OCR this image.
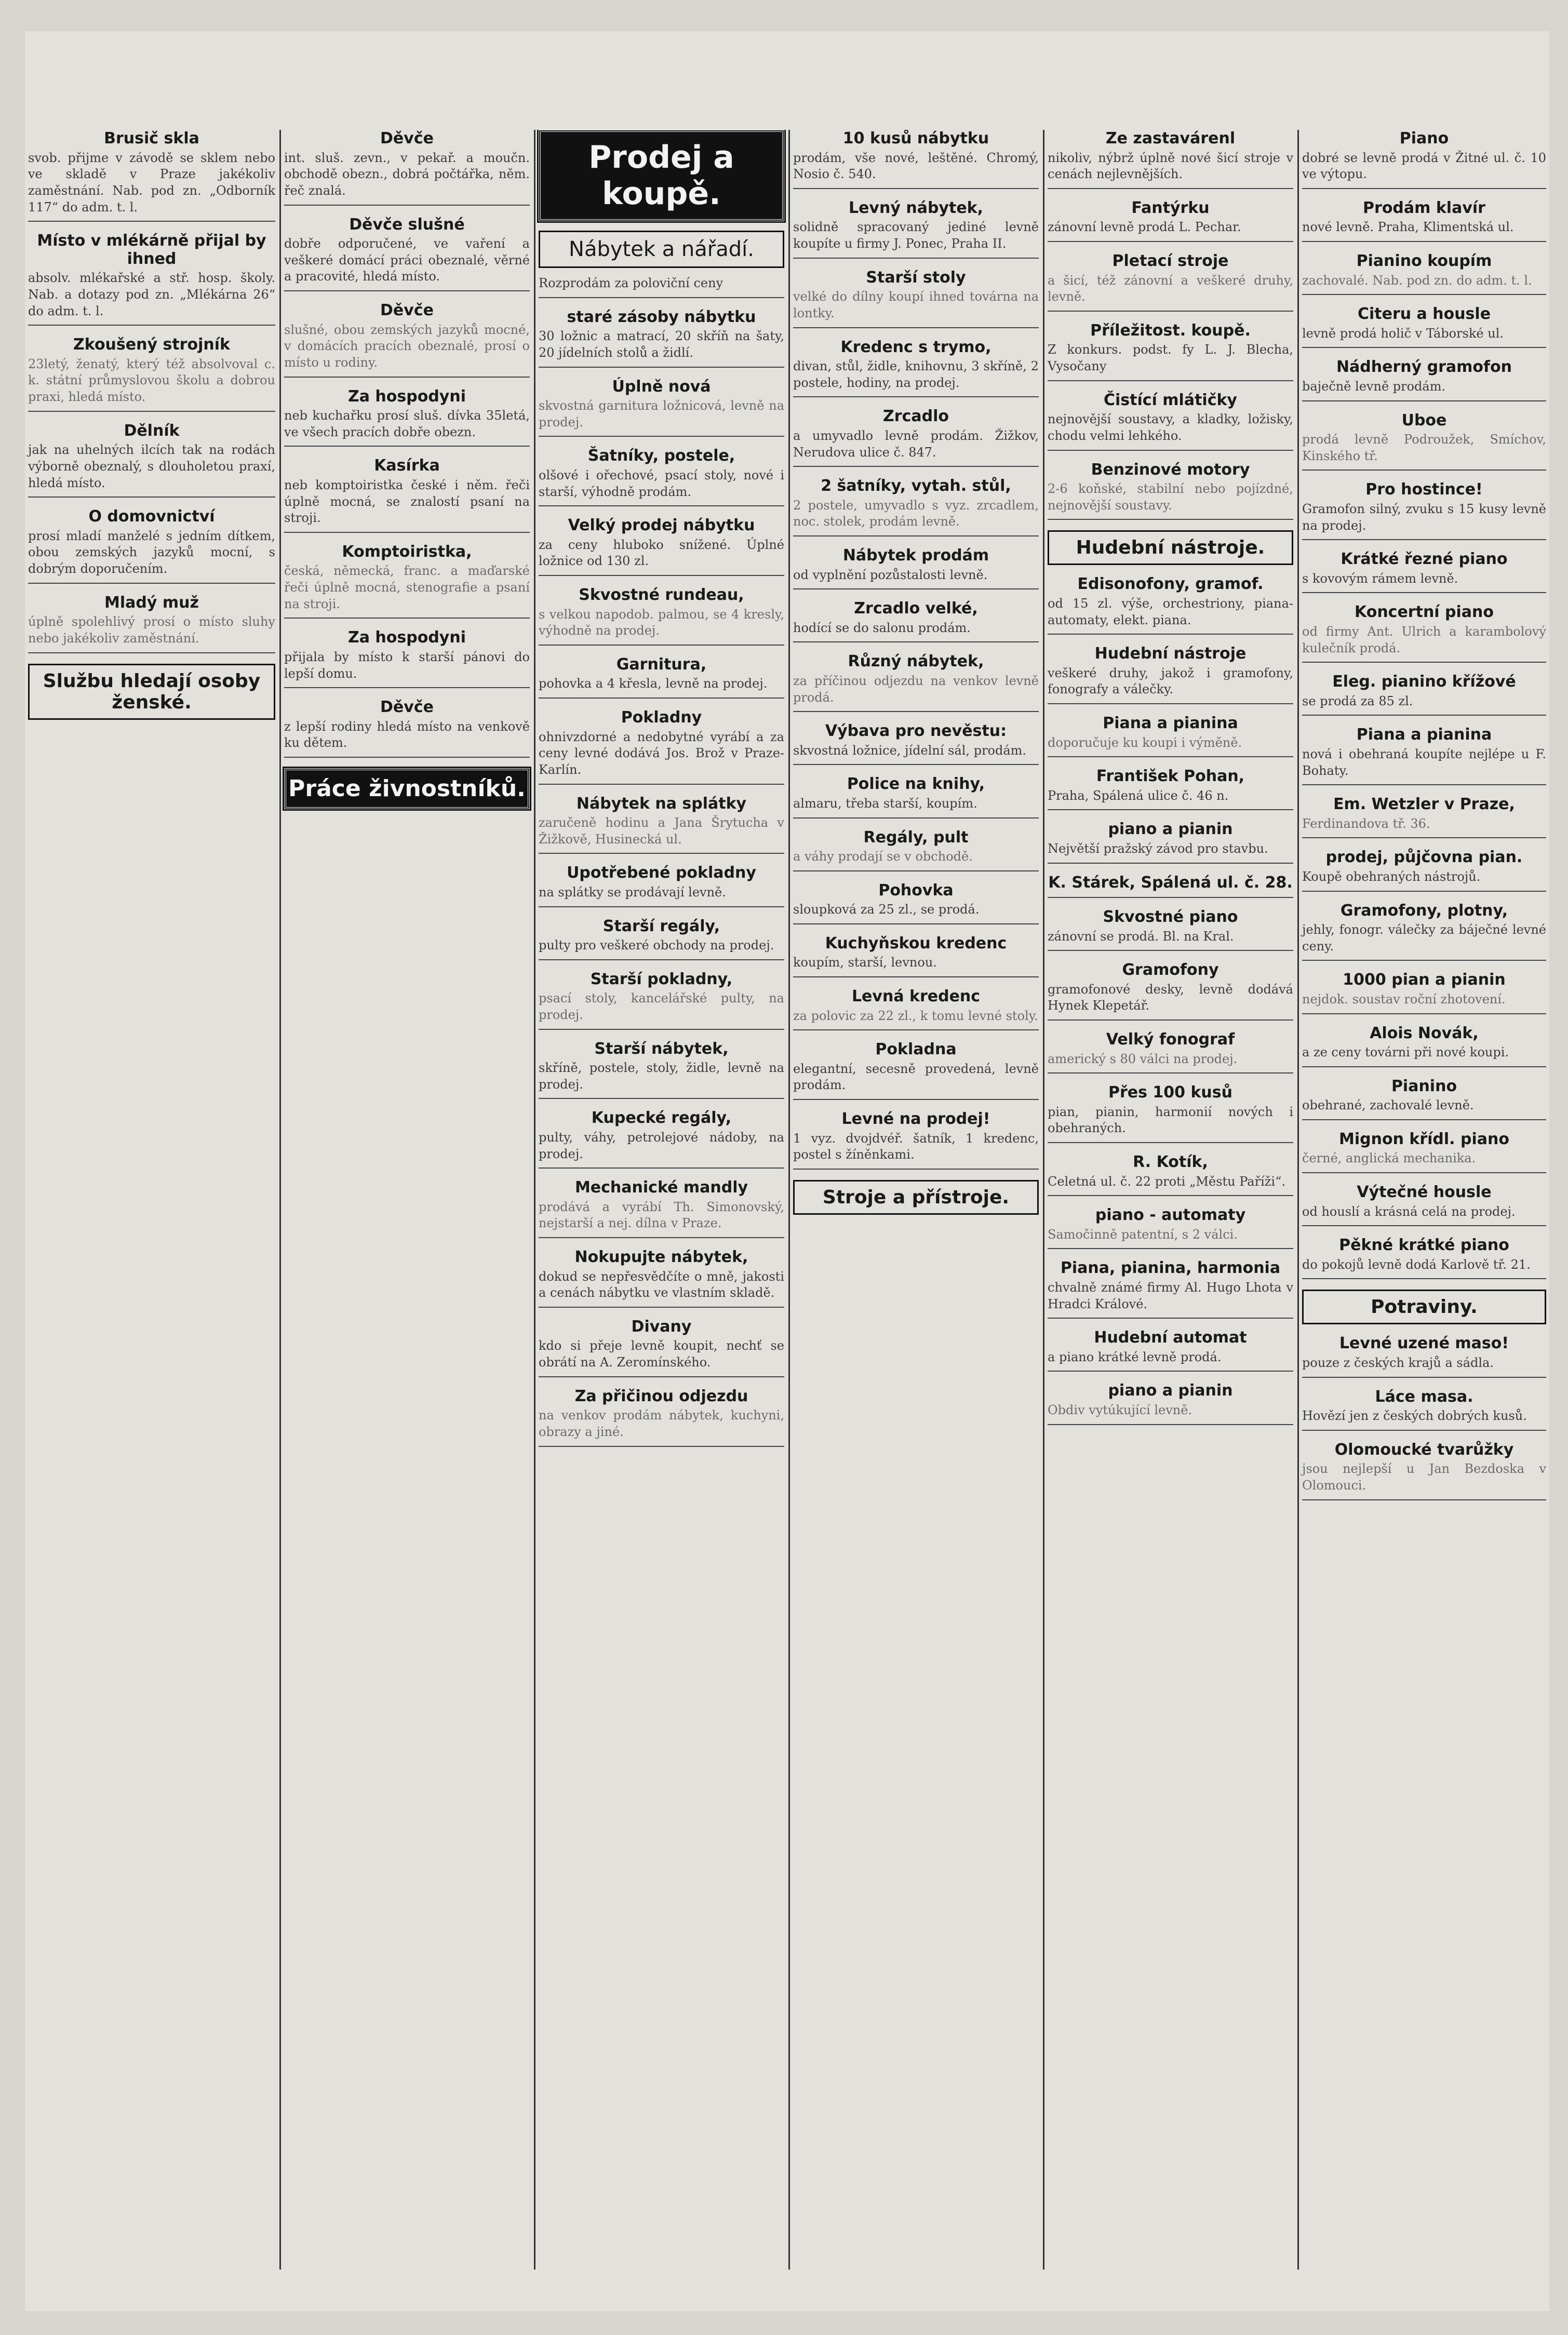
Brusič skla
svob. přijme v závodě se sklem nebo ve skladě v Praze jakékoliv zaměstnání. Nab. pod zn. „Odborník 117“ do adm. t. l.
Místo v mlékárně přijal by ihned
absolv. mlékařské a stř. hosp. školy. Nab. a dotazy pod zn. „Mlékárna 26“ do adm. t. l.
Zkoušený strojník
23letý, ženatý, který též absolvoval c. k. státní průmyslovou školu a dobrou praxi, hledá místo.
Dělník
jak na uhelných ilcích tak na rodách výborně obeznalý, s dlouholetou praxí, hledá místo.
O domovnictví
prosí mladí manželé s jedním dítkem, obou zemských jazyků mocní, s dobrým doporučením.
Mladý muž
úplně spolehlivý prosí o místo sluhy nebo jakékoliv zaměstnání.
Službu hledají osoby ženské.
Děvče
int. sluš. zevn., v pekař. a moučn. obchodě obezn., dobrá počtářka, něm. řeč znalá.
Děvče slušné
dobře odporučené, ve vaření a veškeré domácí práci obeznalé, věrné a pracovité, hledá místo.
Děvče
slušné, obou zemských jazyků mocné, v domácích pracích obeznalé, prosí o místo u rodiny.
Za hospodyni
neb kuchařku prosí sluš. dívka 35letá, ve všech pracích dobře obezn.
Kasírka
neb komptoiristka české i něm. řeči úplně mocná, se znalostí psaní na stroji.
Komptoiristka,
česká, německá, franc. a maďarské řeči úplně mocná, stenografie a psaní na stroji.
Za hospodyni
přijala by místo k starší pánovi do lepší domu.
Děvče
z lepší rodiny hledá místo na venkově ku dětem.
Práce živnostníků.
Prodej a koupě.
Nábytek a nářadí.
Rozprodám za poloviční ceny
staré zásoby nábytku
30 ložnic a matrací, 20 skříň na šaty, 20 jídelních stolů a židlí.
Úplně nová
skvostná garnitura ložnicová, levně na prodej.
Šatníky, postele,
olšové i ořechové, psací stoly, nové i starší, výhodně prodám.
Velký prodej nábytku
za ceny hluboko snížené. Úplné ložnice od 130 zl.
Skvostné rundeau,
s velkou napodob. palmou, se 4 kresly, výhodně na prodej.
Garnitura,
pohovka a 4 křesla, levně na prodej.
Pokladny
ohnivzdorné a nedobytné vyrábí a za ceny levné dodává Jos. Brož v Praze-Karlín.
Nábytek na splátky
zaručeně hodinu a Jana Šrytucha v Žižkově, Husinecká ul.
Upotřebené pokladny
na splátky se prodávají levně.
Starší regály,
pulty pro veškeré obchody na prodej.
Starší pokladny,
psací stoly, kancelářské pulty, na prodej.
Starší nábytek,
skříně, postele, stoly, židle, levně na prodej.
Kupecké regály,
pulty, váhy, petrolejové nádoby, na prodej.
Mechanické mandly
prodává a vyrábí Th. Simonovský, nejstarší a nej. dílna v Praze.
Nokupujte nábytek,
dokud se nepřesvědčíte o mně, jakosti a cenách nábytku ve vlastním skladě.
Divany
kdo si přeje levně koupit, nechť se obrátí na A. Zeromínského.
Za přičinou odjezdu
na venkov prodám nábytek, kuchyni, obrazy a jiné.
10 kusů nábytku
prodám, vše nové, leštěné. Chromý, Nosio č. 540.
Levný nábytek,
solidně spracovaný jediné levně koupíte u firmy J. Ponec, Praha II.
Starší stoly
velké do dílny koupí ihned továrna na lontky.
Kredenc s trymo,
divan, stůl, židle, knihovnu, 3 skříně, 2 postele, hodiny, na prodej.
Zrcadlo
a umyvadlo levně prodám. Žižkov, Nerudova ulice č. 847.
2 šatníky, vytah. stůl,
2 postele, umyvadlo s vyz. zrcadlem, noc. stolek, prodám levně.
Nábytek prodám
od vyplnění pozůstalosti levně.
Zrcadlo velké,
hodící se do salonu prodám.
Různý nábytek,
za příčinou odjezdu na venkov levně prodá.
Výbava pro nevěstu:
skvostná ložnice, jídelní sál, prodám.
Police na knihy,
almaru, třeba starší, koupím.
Regály, pult
a váhy prodají se v obchodě.
Pohovka
sloupková za 25 zl., se prodá.
Kuchyňskou kredenc
koupím, starší, levnou.
Levná kredenc
za polovic za 22 zl., k tomu levné stoly.
Pokladna
elegantní, secesně provedená, levně prodám.
Levné na prodej!
1 vyz. dvojdvéř. šatník, 1 kredenc, postel s žíněnkami.
Stroje a přístroje.
Ze zastavárenl
nikoliv, nýbrž úplně nové šicí stroje v cenách nejlevnějších.
Fantýrku
zánovní levně prodá L. Pechar.
Pletací stroje
a šicí, též zánovní a veškeré druhy, levně.
Příležitost. koupě.
Z konkurs. podst. fy L. J. Blecha, Vysočany
Čistící mlátičky
nejnovější soustavy, a kladky, ložisky, chodu velmi lehkého.
Benzinové motory
2-6 koňské, stabilní nebo pojízdné, nejnovější soustavy.
Hudební nástroje.
Edisonofony, gramof.
od 15 zl. výše, orchestriony, piana-automaty, elekt. piana.
Hudební nástroje
veškeré druhy, jakož i gramofony, fonografy a válečky.
Piana a pianina
doporučuje ku koupi i výměně.
František Pohan,
Praha, Spálená ulice č. 46 n.
piano a pianin
Největší pražský závod pro stavbu.
K. Stárek, Spálená ul. č. 28.
Skvostné piano
zánovní se prodá. Bl. na Kral.
Gramofony
gramofonové desky, levně dodává Hynek Klepetář.
Velký fonograf
americký s 80 válci na prodej.
Přes 100 kusů
pian, pianin, harmonií nových i obehraných.
R. Kotík,
Celetná ul. č. 22 proti „Městu Paříži“.
piano - automaty
Samočinně patentní, s 2 válci.
Piana, pianina, harmonia
chvalně známé firmy Al. Hugo Lhota v Hradci Králové.
Hudební automat
a piano krátké levně prodá.
piano a pianin
Obdiv vytúkující levně.
Piano
dobré se levně prodá v Žitné ul. č. 10 ve výtopu.
Prodám klavír
nové levně. Praha, Klimentská ul.
Pianino koupím
zachovalé. Nab. pod zn. do adm. t. l.
Citeru a housle
levně prodá holič v Táborské ul.
Nádherný gramofon
baječně levně prodám.
Uboe
prodá levně Podroužek, Smíchov, Kinského tř.
Pro hostince!
Gramofon silný, zvuku s 15 kusy levně na prodej.
Krátké řezné piano
s kovovým rámem levně.
Koncertní piano
od firmy Ant. Ulrich a karambolový kulečník prodá.
Eleg. pianino křížové
se prodá za 85 zl.
Piana a pianina
nová i obehraná koupíte nejlépe u F. Bohaty.
Em. Wetzler v Praze,
Ferdinandova tř. 36.
prodej, půjčovna pian.
Koupě obehraných nástrojů.
Gramofony, plotny,
jehly, fonogr. válečky za báječné levné ceny.
1000 pian a pianin
nejdok. soustav roční zhotovení.
Alois Novák,
a ze cenу továrni při nové koupi.
Pianino
obehrané, zachovalé levně.
Mignon křídl. piano
černé, anglická mechanika.
Výtečné housle
od houslí a krásná celá na prodej.
Pěkné krátké piano
do pokojů levně dodá Karlově tř. 21.
Potraviny.
Levné uzené maso!
pouze z českých krajů a sádla.
Láce masa.
Hovězí jen z českých dobrých kusů.
Olomoucké tvarůžky
jsou nejlepší u Jan Bezdoska v Olomouci.
